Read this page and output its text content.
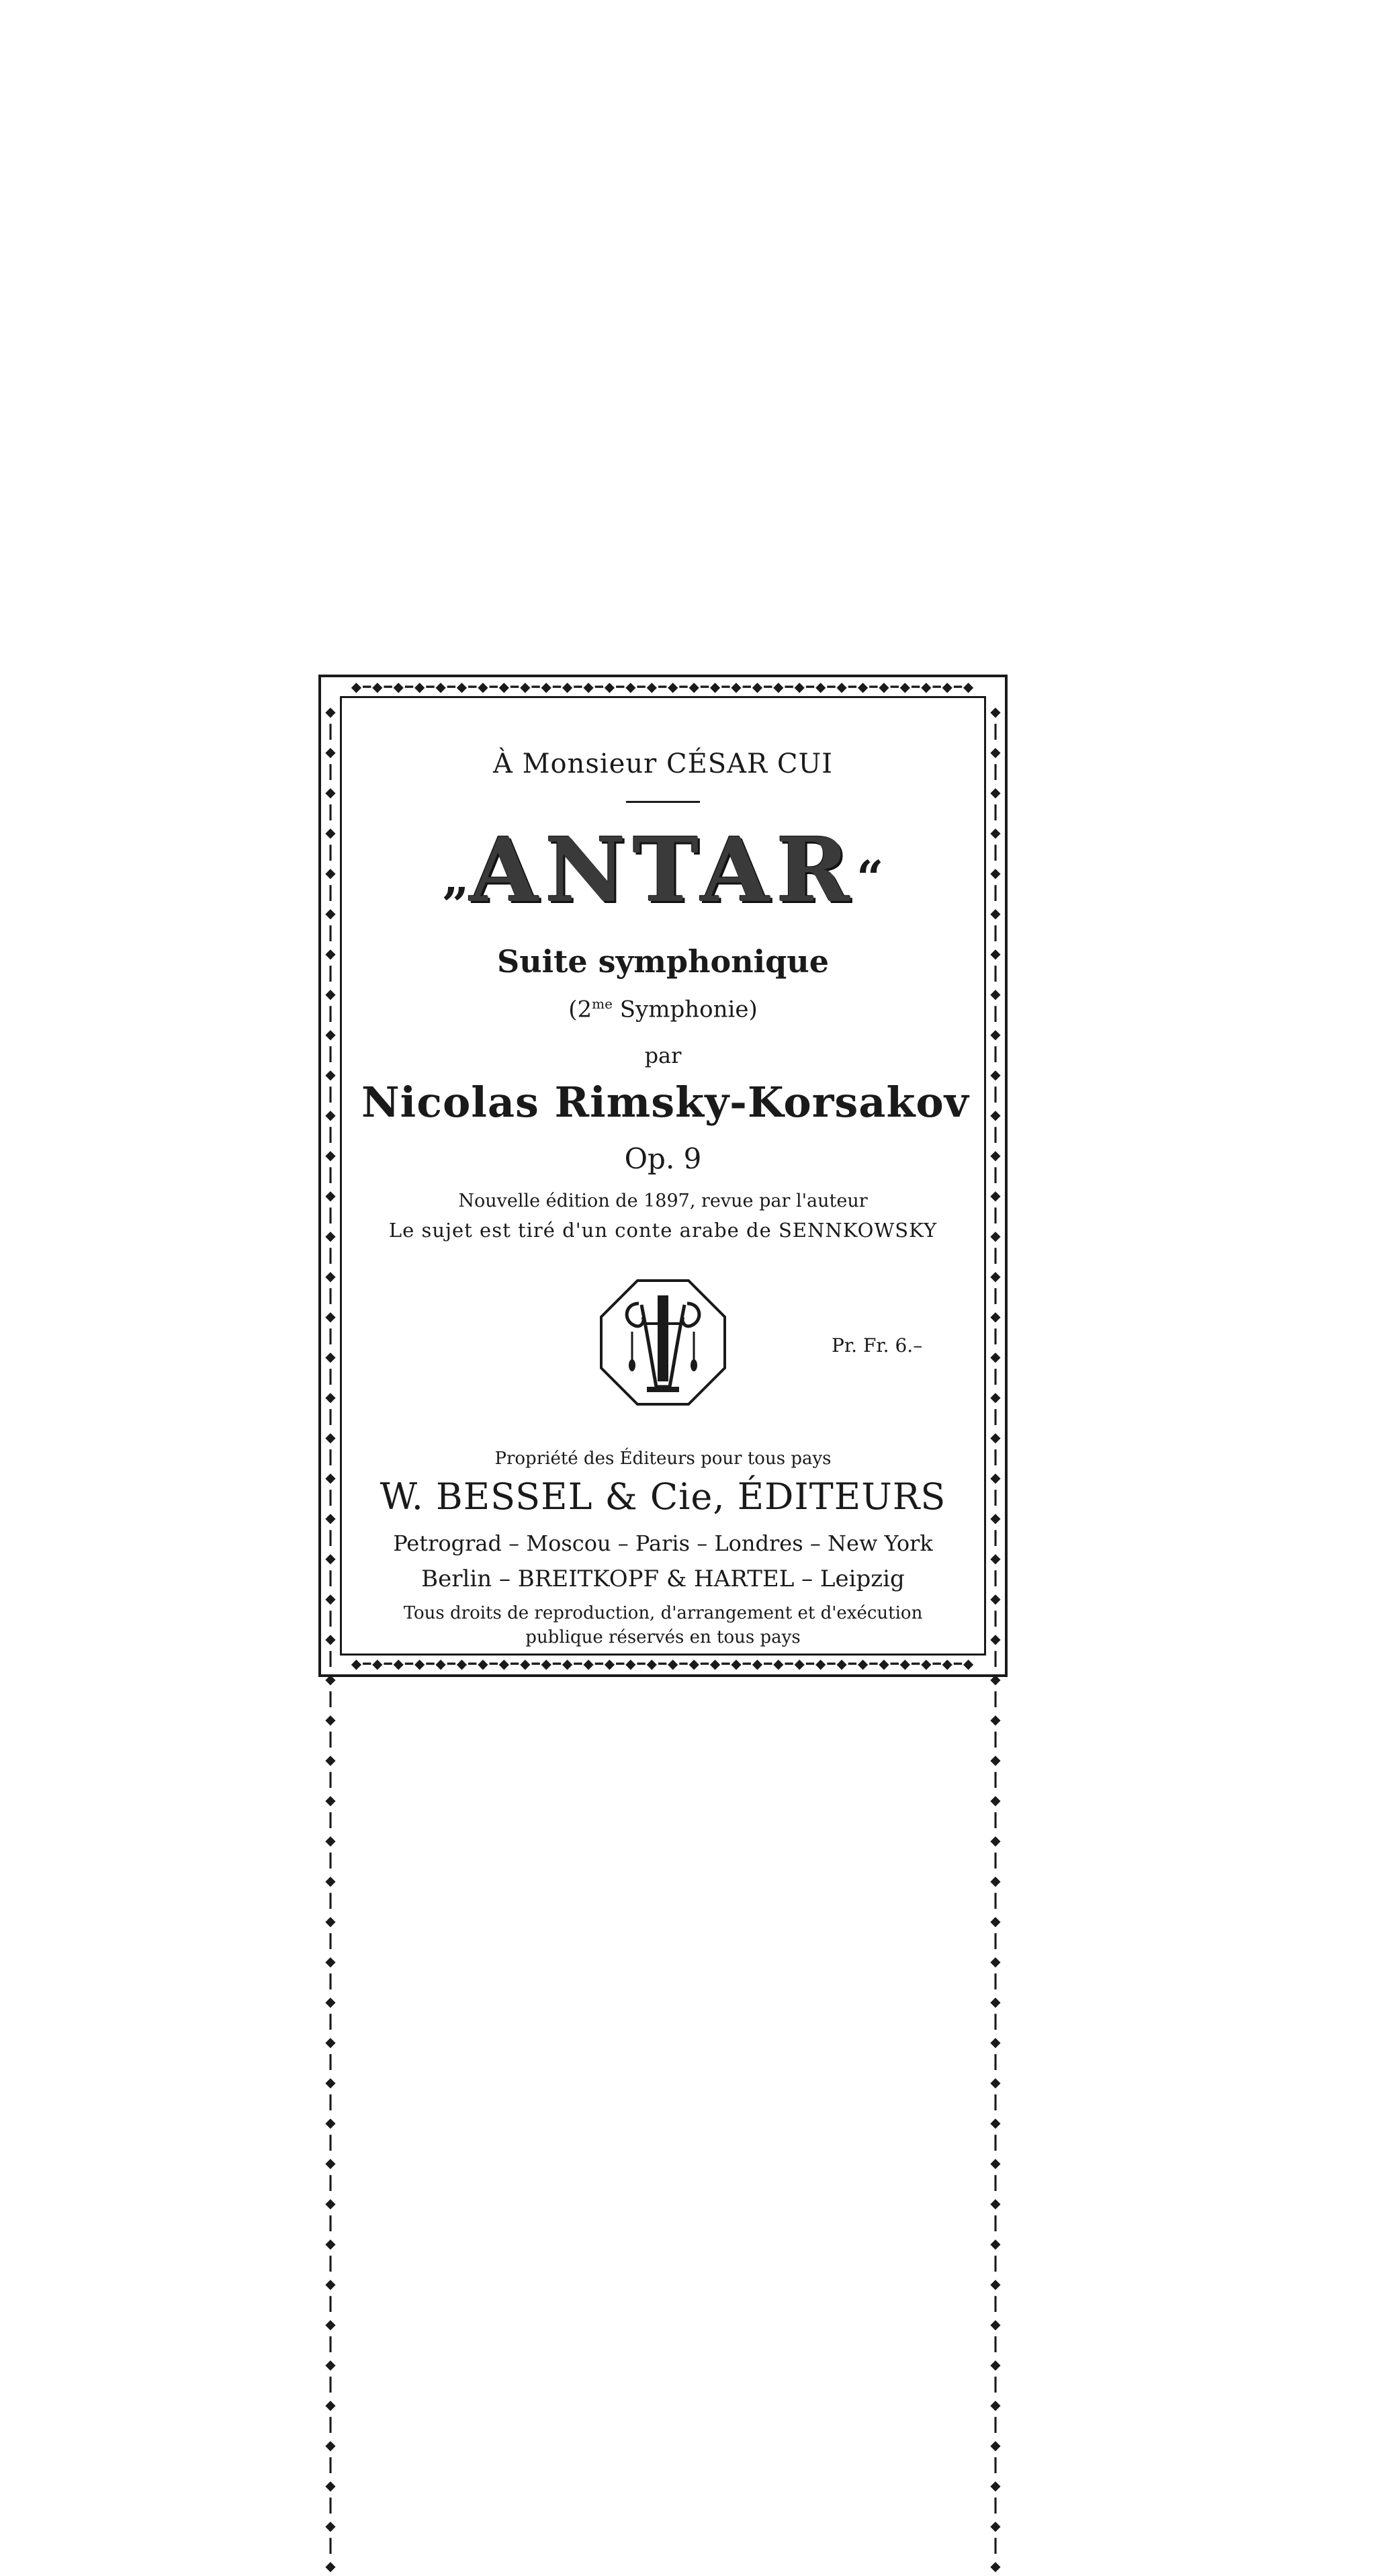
◆━◆━◆━◆━◆━◆━◆━◆━◆━◆━◆━◆━◆━◆━◆━◆━◆━◆━◆━◆━◆━◆━◆━◆━◆━◆━◆━◆━◆━◆
◆━◆━◆━◆━◆━◆━◆━◆━◆━◆━◆━◆━◆━◆━◆━◆━◆━◆━◆━◆━◆━◆━◆━◆━◆━◆━◆━◆━◆━◆
◆┃◆┃◆┃◆┃◆┃◆┃◆┃◆┃◆┃◆┃◆┃◆┃◆┃◆┃◆┃◆┃◆┃◆┃◆┃◆┃◆┃◆┃◆┃◆┃◆┃◆┃◆┃◆┃◆┃◆┃◆┃◆┃◆┃◆┃◆┃◆┃◆┃◆┃◆┃◆┃◆┃◆┃◆┃◆┃◆┃◆┃◆
◆┃◆┃◆┃◆┃◆┃◆┃◆┃◆┃◆┃◆┃◆┃◆┃◆┃◆┃◆┃◆┃◆┃◆┃◆┃◆┃◆┃◆┃◆┃◆┃◆┃◆┃◆┃◆┃◆┃◆┃◆┃◆┃◆┃◆┃◆┃◆┃◆┃◆┃◆┃◆┃◆┃◆┃◆┃◆┃◆┃◆┃◆
À Monsieur CÉSAR CUI
„ANTAR“
Suite symphonique
($2^{me}$ Symphonie)
par
Nicolas Rimsky-Korsakov
Op. 9
Nouvelle édition de 1897, revue par l'auteur
Le sujet est tiré d'un conte arabe de SENNKOWSKY
Pr. Fr. 6.–
Propriété des Éditeurs pour tous pays
W. BESSEL & Cie, ÉDITEURS
Petrograd – Moscou – Paris – Londres – New York
Berlin – BREITKOPF & HARTEL – Leipzig
Tous droits de reproduction, d'arrangement et d'exécution
publique réservés en tous pays
